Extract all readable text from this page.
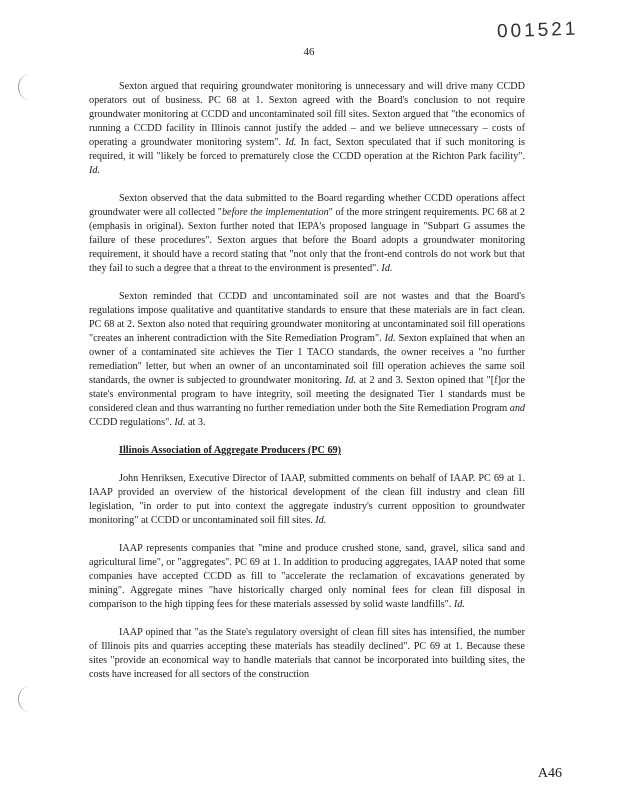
001521
46

Sexton argued that requiring groundwater monitoring is unnecessary and will drive many CCDD operators out of business. PC 68 at 1. Sexton agreed with the Board's conclusion to not require groundwater monitoring at CCDD and uncontaminated soil fill sites. Sexton argued that "the economics of running a CCDD facility in Illinois cannot justify the added – and we believe unnecessary – costs of operating a groundwater monitoring system". Id. In fact, Sexton speculated that if such monitoring is required, it will "likely be forced to prematurely close the CCDD operation at the Richton Park facility". Id.

Sexton observed that the data submitted to the Board regarding whether CCDD operations affect groundwater were all collected "before the implementation" of the more stringent requirements. PC 68 at 2 (emphasis in original). Sexton further noted that IEPA's proposed language in "Subpart G assumes the failure of these procedures". Sexton argues that before the Board adopts a groundwater monitoring requirement, it should have a record stating that "not only that the front-end controls do not work but that they fail to such a degree that a threat to the environment is presented". Id.

Sexton reminded that CCDD and uncontaminated soil are not wastes and that the Board's regulations impose qualitative and quantitative standards to ensure that these materials are in fact clean. PC 68 at 2. Sexton also noted that requiring groundwater monitoring at uncontaminated soil fill operations "creates an inherent contradiction with the Site Remediation Program". Id. Sexton explained that when an owner of a contaminated site achieves the Tier 1 TACO standards, the owner receives a "no further remediation" letter, but when an owner of an uncontaminated soil fill operation achieves the same soil standards, the owner is subjected to groundwater monitoring. Id. at 2 and 3. Sexton opined that "[f]or the state's environmental program to have integrity, soil meeting the designated Tier 1 standards must be considered clean and thus warranting no further remediation under both the Site Remediation Program and CCDD regulations". Id. at 3.

Illinois Association of Aggregate Producers (PC 69)

John Henriksen, Executive Director of IAAP, submitted comments on behalf of IAAP. PC 69 at 1. IAAP provided an overview of the historical development of the clean fill industry and clean fill legislation, "in order to put into context the aggregate industry's current opposition to groundwater monitoring" at CCDD or uncontaminated soil fill sites. Id.

IAAP represents companies that "mine and produce crushed stone, sand, gravel, silica sand and agricultural lime", or "aggregates". PC 69 at 1. In addition to producing aggregates, IAAP noted that some companies have accepted CCDD as fill to "accelerate the reclamation of excavations generated by mining". Aggregate mines "have historically charged only nominal fees for clean fill disposal in comparison to the high tipping fees for these materials assessed by solid waste landfills". Id.

IAAP opined that "as the State's regulatory oversight of clean fill sites has intensified, the number of Illinois pits and quarries accepting these materials has steadily declined". PC 69 at 1. Because these sites "provide an economical way to handle materials that cannot be incorporated into building sites, the costs have increased for all sectors of the construction

A46
